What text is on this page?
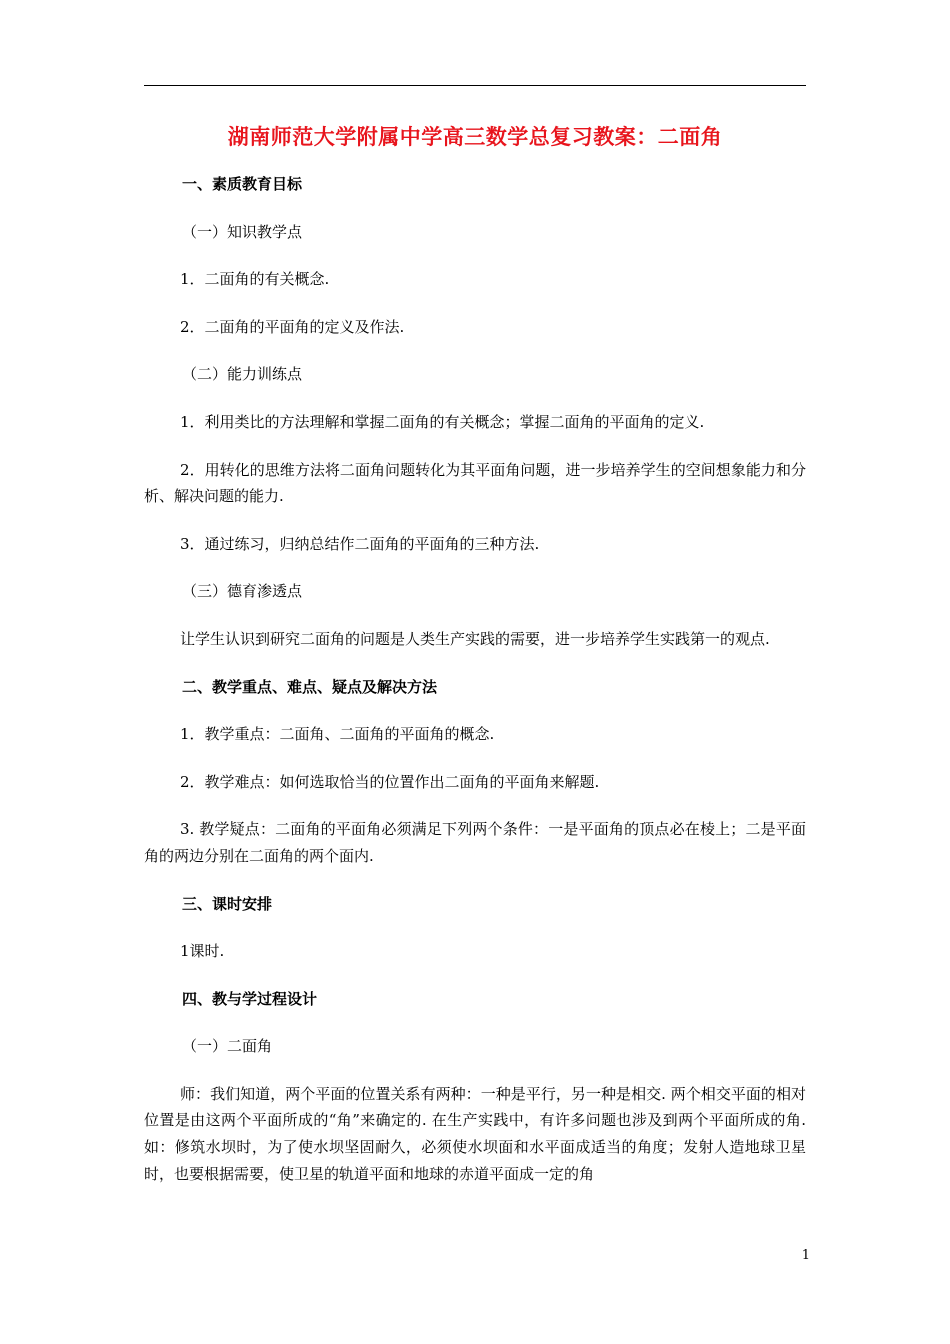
湖南师范大学附属中学高三数学总复习教案：二面角

一、素质教育目标

（一）知识教学点

1．二面角的有关概念.

2．二面角的平面角的定义及作法.

（二）能力训练点

1．利用类比的方法理解和掌握二面角的有关概念；掌握二面角的平面角的定义.

2．用转化的思维方法将二面角问题转化为其平面角问题，进一步培养学生的空间想象能力和分析、解决问题的能力.

3．通过练习，归纳总结作二面角的平面角的三种方法.

（三）德育渗透点

让学生认识到研究二面角的问题是人类生产实践的需要，进一步培养学生实践第一的观点.

二、教学重点、难点、疑点及解决方法

1．教学重点：二面角、二面角的平面角的概念.

2．教学难点：如何选取恰当的位置作出二面角的平面角来解题.

3. 教学疑点：二面角的平面角必须满足下列两个条件：一是平面角的顶点必在棱上；二是平面角的两边分别在二面角的两个面内.

三、课时安排

1课时.

四、教与学过程设计

（一）二面角

师：我们知道，两个平面的位置关系有两种：一种是平行，另一种是相交. 两个相交平面的相对位置是由这两个平面所成的“角”来确定的. 在生产实践中，有许多问题也涉及到两个平面所成的角. 如：修筑水坝时，为了使水坝坚固耐久，必须使水坝面和水平面成适当的角度；发射人造地球卫星时，也要根据需要，使卫星的轨道平面和地球的赤道平面成一定的角

1
